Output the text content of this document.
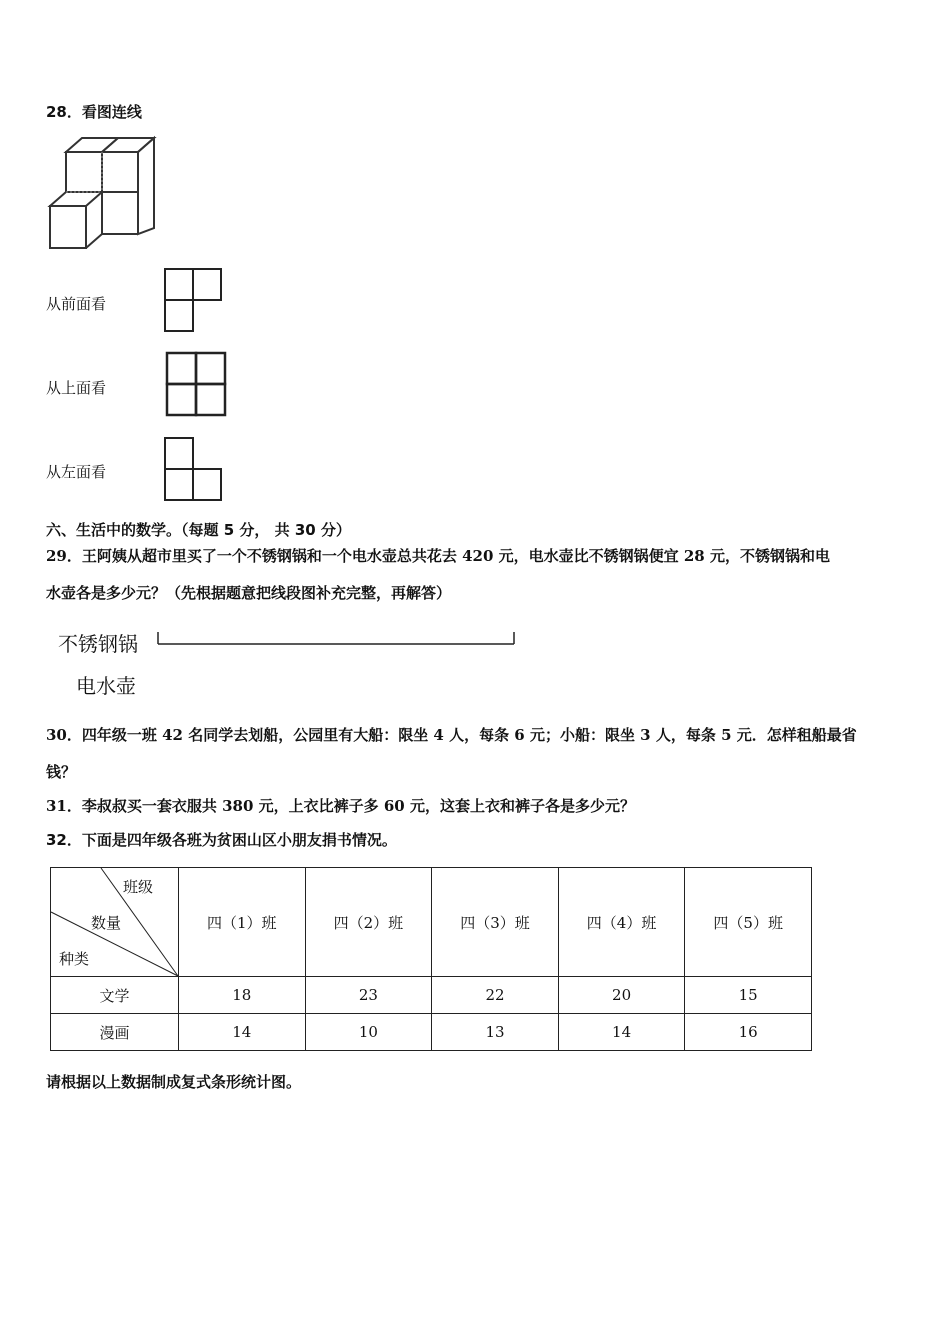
28．看图连线
从前面看
从上面看
从左面看
六、生活中的数学。（每题 5 分， 共 30 分）
29．王阿姨从超市里买了一个不锈钢锅和一个电水壶总共花去 420 元，电水壶比不锈钢锅便宜 28 元，不锈钢锅和电
水壶各是多少元？（先根据题意把线段图补充完整，再解答）
不锈钢锅
电水壶
30．四年级一班 42 名同学去划船，公园里有大船：限坐 4 人，每条 6 元；小船：限坐 3 人，每条 5 元．怎样租船最省
钱？
31．李叔叔买一套衣服共 380 元，上衣比裤子多 60 元，这套上衣和裤子各是多少元？
32．下面是四年级各班为贫困山区小朋友捐书情况。
班级
数量
种类	四（1）班	四（2）班	四（3）班	四（4）班	四（5）班
文学	18	23	22	20	15
漫画	14	10	13	14	16
请根据以上数据制成复式条形统计图。
